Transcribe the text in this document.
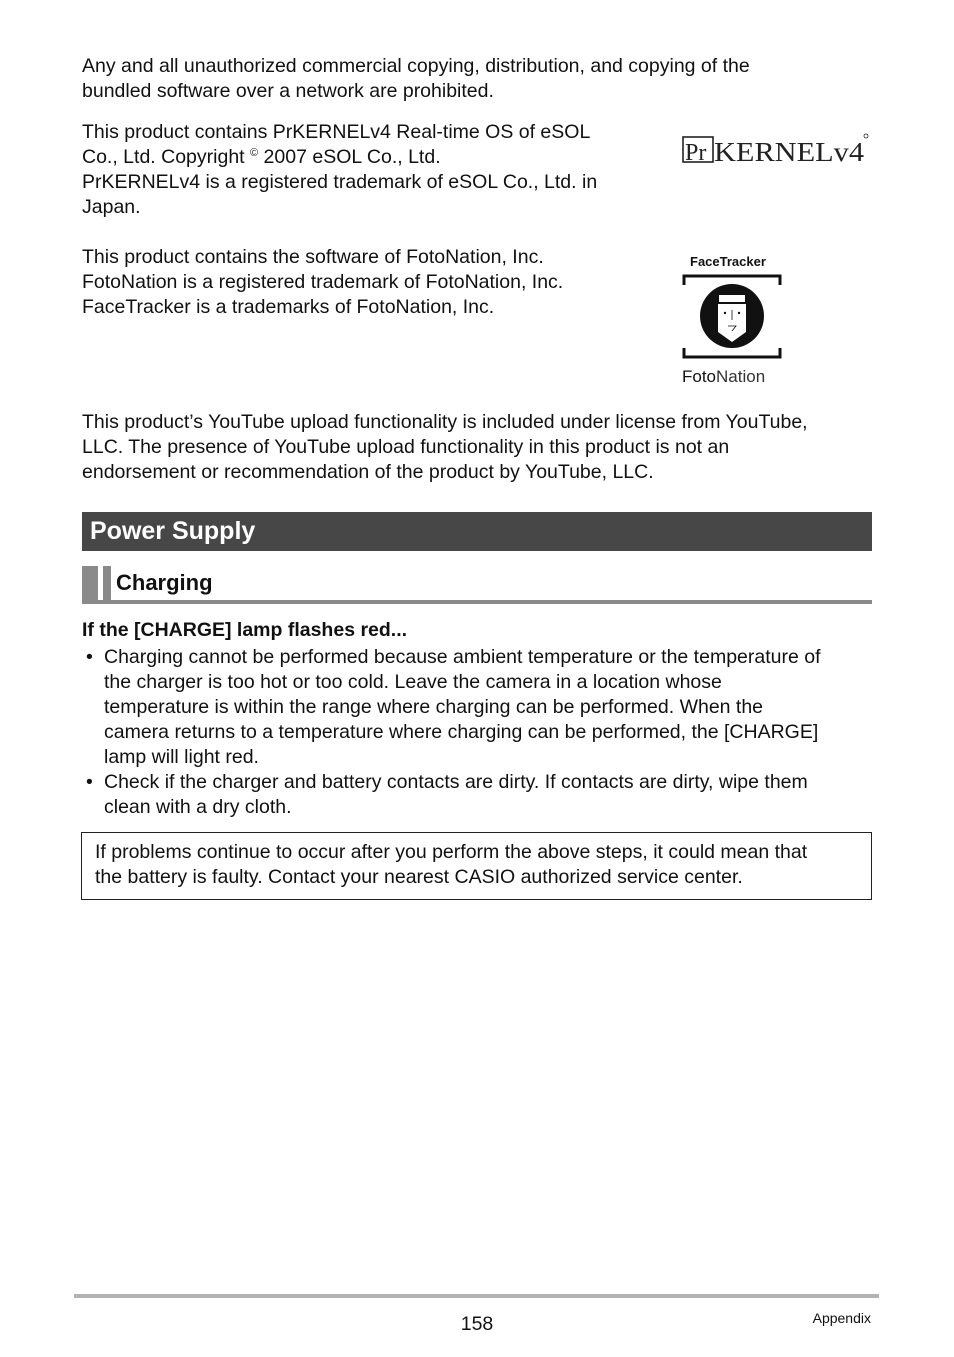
Any and all unauthorized commercial copying, distribution, and copying of the
bundled software over a network are prohibited.

This product contains PrKERNELv4 Real-time OS of eSOL
Co., Ltd. Copyright © 2007 eSOL Co., Ltd.
PrKERNELv4 is a registered trademark of eSOL Co., Ltd. in
Japan.

Pr KERNELv4

This product contains the software of FotoNation, Inc.
FotoNation is a registered trademark of FotoNation, Inc.
FaceTracker is a trademarks of FotoNation, Inc.

FaceTracker
FotoNation

This product’s YouTube upload functionality is included under license from YouTube,
LLC. The presence of YouTube upload functionality in this product is not an
endorsement or recommendation of the product by YouTube, LLC.

Power Supply
Charging
If the [CHARGE] lamp flashes red...
• Charging cannot be performed because ambient temperature or the temperature of
the charger is too hot or too cold. Leave the camera in a location whose
temperature is within the range where charging can be performed. When the
camera returns to a temperature where charging can be performed, the [CHARGE]
lamp will light red.
• Check if the charger and battery contacts are dirty. If contacts are dirty, wipe them
clean with a dry cloth.
If problems continue to occur after you perform the above steps, it could mean that
the battery is faulty. Contact your nearest CASIO authorized service center.
158	Appendix
